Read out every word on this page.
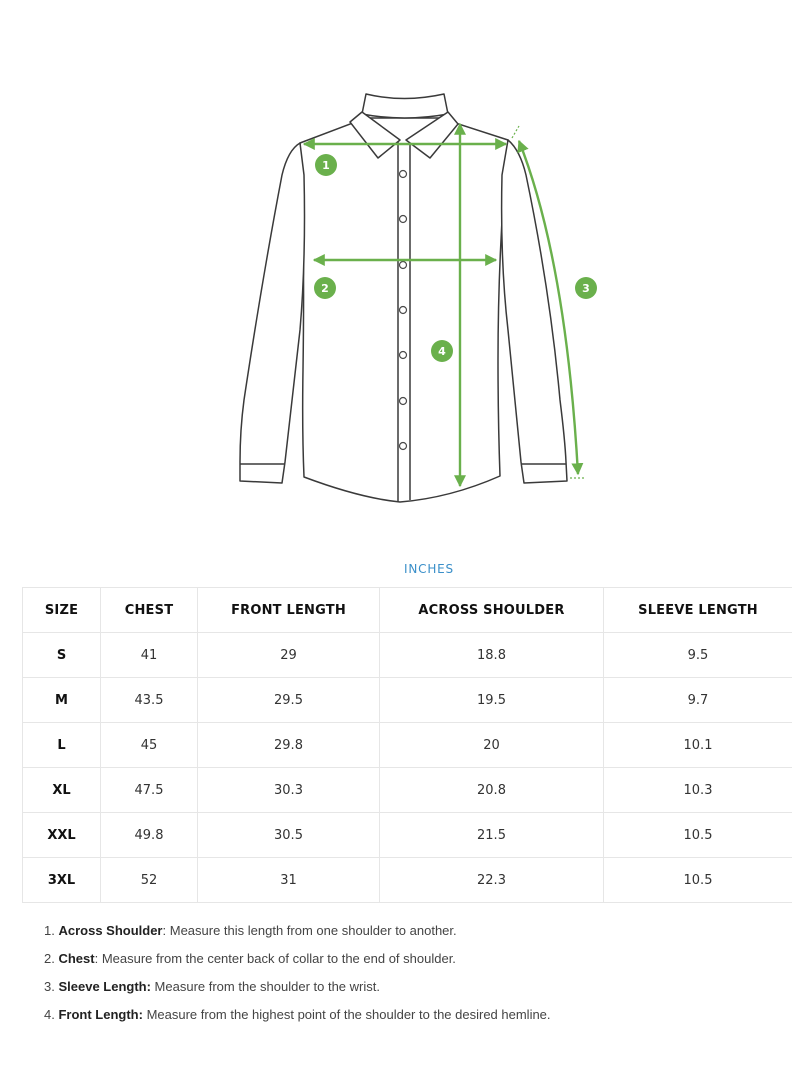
1
2	3
4
INCHES
SIZE	CHEST	FRONT LENGTH	ACROSS SHOULDER	SLEEVE LENGTH
S	41	29	18.8	9.5
M	43.5	29.5	19.5	9.7
L	45	29.8	20	10.1
XL	47.5	30.3	20.8	10.3
XXL	49.8	30.5	21.5	10.5
3XL	52	31	22.3	10.5
1. Across Shoulder: Measure this length from one shoulder to another.
2. Chest: Measure from the center back of collar to the end of shoulder.
3. Sleeve Length: Measure from the shoulder to the wrist.
4. Front Length: Measure from the highest point of the shoulder to the desired hemline.
